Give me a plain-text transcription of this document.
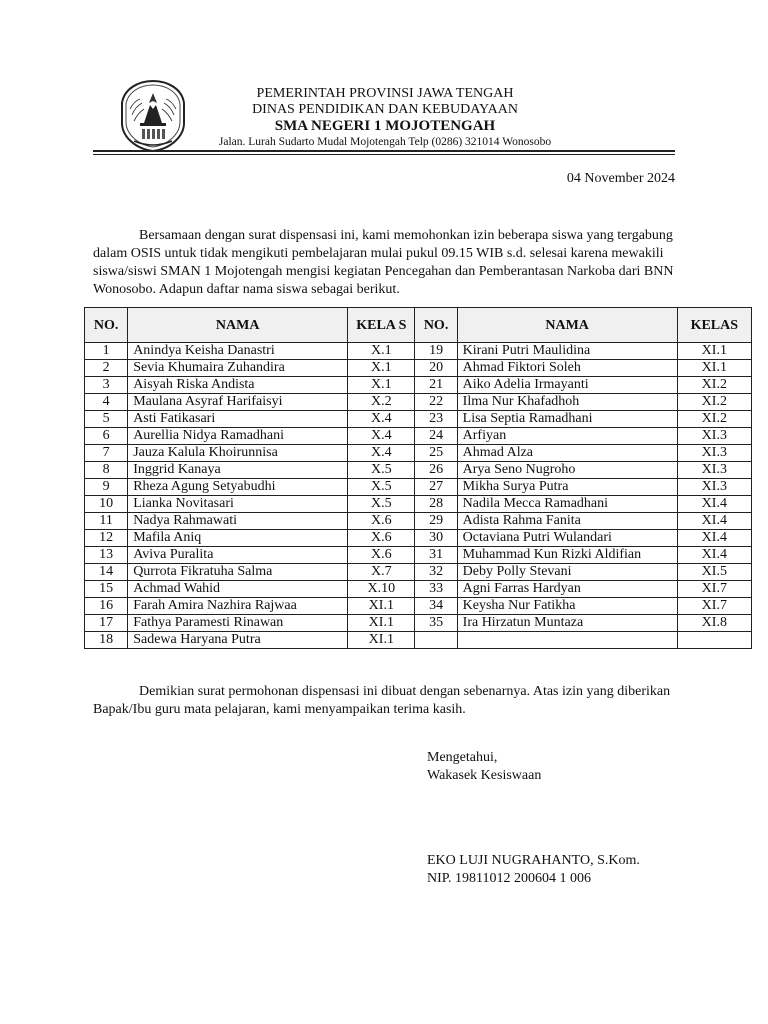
PEMERINTAH PROVINSI JAWA TENGAH
DINAS PENDIDIKAN DAN KEBUDAYAAN
SMA NEGERI 1 MOJOTENGAH
Jalan. Lurah Sudarto Mudal Mojotengah Telp (0286) 321014 Wonosobo
04 November 2024
Bersamaan dengan surat dispensasi ini, kami memohonkan izin beberapa siswa yang tergabung dalam OSIS untuk tidak mengikuti pembelajaran mulai pukul 09.15 WIB s.d. selesai karena mewakili siswa/siswi SMAN 1 Mojotengah mengisi kegiatan Pencegahan dan Pemberantasan Narkoba dari BNN Wonosobo. Adapun daftar nama siswa sebagai berikut.
NO.	NAMA	KELA S	NO.	NAMA	KELAS
1	Anindya Keisha Danastri	X.1	19	Kirani Putri Maulidina	XI.1
2	Sevia Khumaira Zuhandira	X.1	20	Ahmad Fiktori Soleh	XI.1
3	Aisyah Riska Andista	X.1	21	Aiko Adelia Irmayanti	XI.2
4	Maulana Asyraf Harifaisyi	X.2	22	Ilma Nur Khafadhoh	XI.2
5	Asti Fatikasari	X.4	23	Lisa Septia Ramadhani	XI.2
6	Aurellia Nidya Ramadhani	X.4	24	Arfiyan	XI.3
7	Jauza Kalula Khoirunnisa	X.4	25	Ahmad Alza	XI.3
8	Inggrid Kanaya	X.5	26	Arya Seno Nugroho	XI.3
9	Rheza Agung Setyabudhi	X.5	27	Mikha Surya Putra	XI.3
10	Lianka Novitasari	X.5	28	Nadila Mecca Ramadhani	XI.4
11	Nadya Rahmawati	X.6	29	Adista Rahma Fanita	XI.4
12	Mafila Aniq	X.6	30	Octaviana Putri Wulandari	XI.4
13	Aviva Puralita	X.6	31	Muhammad Kun Rizki Aldifian	XI.4
14	Qurrota Fikratuha Salma	X.7	32	Deby Polly Stevani	XI.5
15	Achmad Wahid	X.10	33	Agni Farras Hardyan	XI.7
16	Farah Amira Nazhira Rajwaa	XI.1	34	Keysha Nur Fatikha	XI.7
17	Fathya Paramesti Rinawan	XI.1	35	Ira Hirzatun Muntaza	XI.8
18	Sadewa Haryana Putra	XI.1			
Demikian surat permohonan dispensasi ini dibuat dengan sebenarnya. Atas izin yang diberikan Bapak/Ibu guru mata pelajaran, kami menyampaikan terima kasih.
Mengetahui,
Wakasek Kesiswaan
EKO LUJI NUGRAHANTO, S.Kom.
NIP. 19811012 200604 1 006
